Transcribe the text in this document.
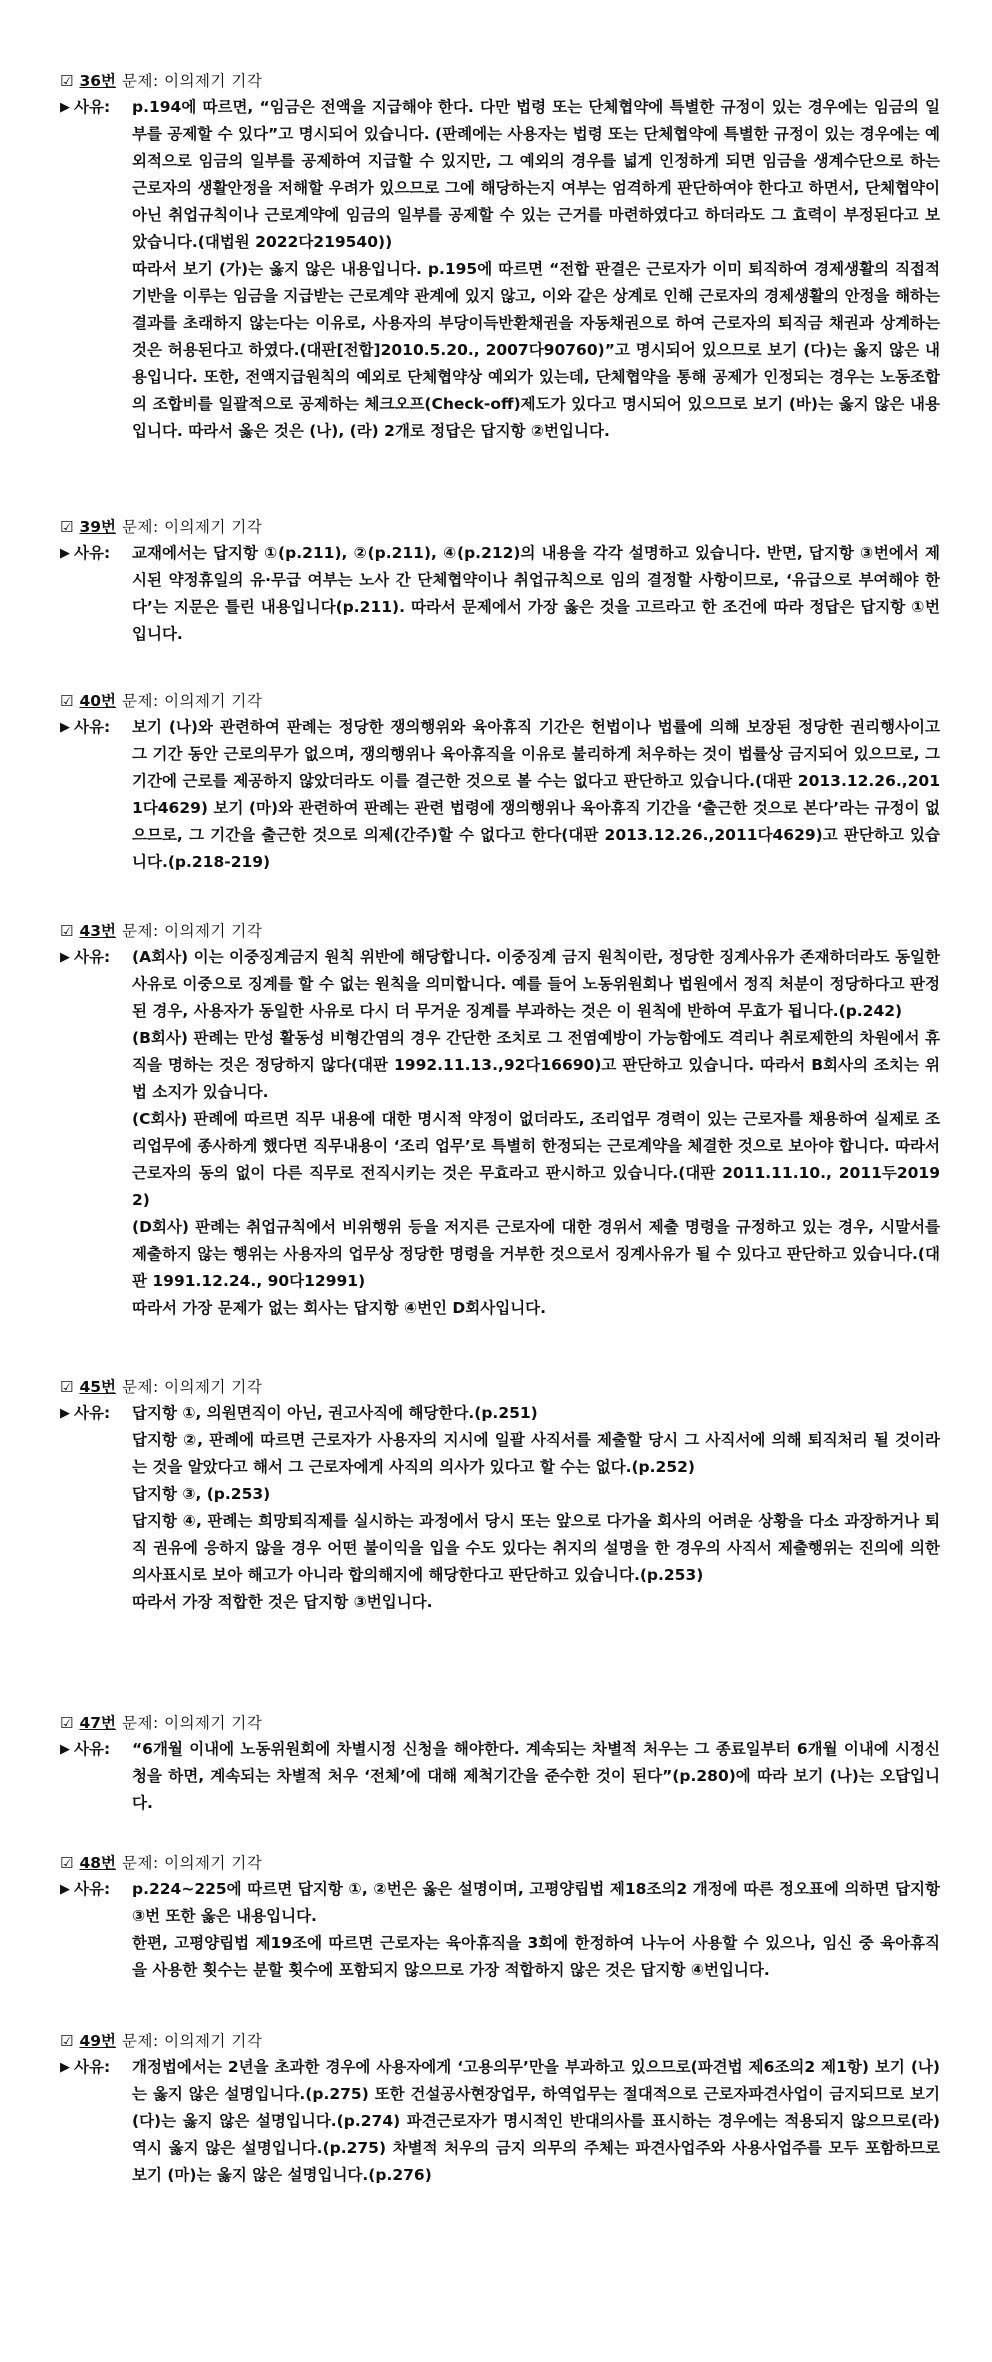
☑ 36번 문제: 이의제기 기각
▶ 사유:	p.194에 따르면, “임금은 전액을 지급해야 한다. 다만 법령 또는 단체협약에 특별한 규정이 있는 경우에는 임금의 일부를 공제할 수 있다”고 명시되어 있습니다. (판례에는 사용자는 법령 또는 단체협약에 특별한 규정이 있는 경우에는 예외적으로 임금의 일부를 공제하여 지급할 수 있지만, 그 예외의 경우를 넓게 인정하게 되면 임금을 생계수단으로 하는 근로자의 생활안정을 저해할 우려가 있으므로 그에 해당하는지 여부는 엄격하게 판단하여야 한다고 하면서, 단체협약이 아닌 취업규칙이나 근로계약에 임금의 일부를 공제할 수 있는 근거를 마련하였다고 하더라도 그 효력이 부정된다고 보았습니다.(대법원 2022다219540))

따라서 보기 (가)는 옳지 않은 내용입니다. p.195에 따르면 “전합 판결은 근로자가 이미 퇴직하여 경제생활의 직접적 기반을 이루는 임금을 지급받는 근로계약 관계에 있지 않고, 이와 같은 상계로 인해 근로자의 경제생활의 안정을 해하는 결과를 초래하지 않는다는 이유로, 사용자의 부당이득반환채권을 자동채권으로 하여 근로자의 퇴직금 채권과 상계하는 것은 허용된다고 하였다.(대판[전합]2010.5.20., 2007다90760)”고 명시되어 있으므로 보기 (다)는 옳지 않은 내용입니다. 또한, 전액지급원칙의 예외로 단체협약상 예외가 있는데, 단체협약을 통해 공제가 인정되는 경우는 노동조합의 조합비를 일괄적으로 공제하는 체크오프(Check-off)제도가 있다고 명시되어 있으므로 보기 (바)는 옳지 않은 내용입니다. 따라서 옳은 것은 (나), (라) 2개로 정답은 답지항 ②번입니다.

☑ 39번 문제: 이의제기 기각
▶ 사유:	교재에서는 답지항 ①(p.211), ②(p.211), ④(p.212)의 내용을 각각 설명하고 있습니다. 반면, 답지항 ③번에서 제시된 약정휴일의 유·무급 여부는 노사 간 단체협약이나 취업규칙으로 임의 결정할 사항이므로, ‘유급으로 부여해야 한다’는 지문은 틀린 내용입니다(p.211). 따라서 문제에서 가장 옳은 것을 고르라고 한 조건에 따라 정답은 답지항 ①번입니다.

☑ 40번 문제: 이의제기 기각
▶ 사유:	보기 (나)와 관련하여 판례는 정당한 쟁의행위와 육아휴직 기간은 헌법이나 법률에 의해 보장된 정당한 권리행사이고 그 기간 동안 근로의무가 없으며, 쟁의행위나 육아휴직을 이유로 불리하게 처우하는 것이 법률상 금지되어 있으므로, 그 기간에 근로를 제공하지 않았더라도 이를 결근한 것으로 볼 수는 없다고 판단하고 있습니다.(대판 2013.12.26.,2011다4629) 보기 (마)와 관련하여 판례는 관련 법령에 쟁의행위나 육아휴직 기간을 ‘출근한 것으로 본다’라는 규정이 없으므로, 그 기간을 출근한 것으로 의제(간주)할 수 없다고 한다(대판 2013.12.26.,2011다4629)고 판단하고 있습니다.(p.218-219)

☑ 43번 문제: 이의제기 기각
▶ 사유:	(A회사) 이는 이중징계금지 원칙 위반에 해당합니다. 이중징계 금지 원칙이란, 정당한 징계사유가 존재하더라도 동일한 사유로 이중으로 징계를 할 수 없는 원칙을 의미합니다. 예를 들어 노동위원회나 법원에서 정직 처분이 정당하다고 판정된 경우, 사용자가 동일한 사유로 다시 더 무거운 징계를 부과하는 것은 이 원칙에 반하여 무효가 됩니다.(p.242)

(B회사) 판례는 만성 활동성 비형간염의 경우 간단한 조치로 그 전염예방이 가능함에도 격리나 취로제한의 차원에서 휴직을 명하는 것은 정당하지 않다(대판 1992.11.13.,92다16690)고 판단하고 있습니다. 따라서 B회사의 조치는 위법 소지가 있습니다.

(C회사) 판례에 따르면 직무 내용에 대한 명시적 약정이 없더라도, 조리업무 경력이 있는 근로자를 채용하여 실제로 조리업무에 종사하게 했다면 직무내용이 ‘조리 업무’로 특별히 한정되는 근로계약을 체결한 것으로 보아야 합니다. 따라서 근로자의 동의 없이 다른 직무로 전직시키는 것은 무효라고 판시하고 있습니다.(대판 2011.11.10., 2011두20192)

(D회사) 판례는 취업규칙에서 비위행위 등을 저지른 근로자에 대한 경위서 제출 명령을 규정하고 있는 경우, 시말서를 제출하지 않는 행위는 사용자의 업무상 정당한 명령을 거부한 것으로서 징계사유가 될 수 있다고 판단하고 있습니다.(대판 1991.12.24., 90다12991)

따라서 가장 문제가 없는 회사는 답지항 ④번인 D회사입니다.

☑ 45번 문제: 이의제기 기각
▶ 사유:	답지항 ①, 의원면직이 아닌, 권고사직에 해당한다.(p.251)

답지항 ②, 판례에 따르면 근로자가 사용자의 지시에 일괄 사직서를 제출할 당시 그 사직서에 의해 퇴직처리 될 것이라는 것을 알았다고 해서 그 근로자에게 사직의 의사가 있다고 할 수는 없다.(p.252)

답지항 ③, (p.253)

답지항 ④, 판례는 희망퇴직제를 실시하는 과정에서 당시 또는 앞으로 다가올 회사의 어려운 상황을 다소 과장하거나 퇴직 권유에 응하지 않을 경우 어떤 불이익을 입을 수도 있다는 취지의 설명을 한 경우의 사직서 제출행위는 진의에 의한 의사표시로 보아 해고가 아니라 합의해지에 해당한다고 판단하고 있습니다.(p.253)

따라서 가장 적합한 것은 답지항 ③번입니다.

☑ 47번 문제: 이의제기 기각
▶ 사유:	“6개월 이내에 노동위원회에 차별시정 신청을 해야한다. 계속되는 차별적 처우는 그 종료일부터 6개월 이내에 시정신청을 하면, 계속되는 차별적 처우 ‘전체’에 대해 제척기간을 준수한 것이 된다”(p.280)에 따라 보기 (나)는 오답입니다.

☑ 48번 문제: 이의제기 기각
▶ 사유:	p.224~225에 따르면 답지항 ①, ②번은 옳은 설명이며, 고평양립법 제18조의2 개정에 따른 정오표에 의하면 답지항 ③번 또한 옳은 내용입니다.

한편, 고평양립법 제19조에 따르면 근로자는 육아휴직을 3회에 한정하여 나누어 사용할 수 있으나, 임신 중 육아휴직을 사용한 횟수는 분할 횟수에 포함되지 않으므로 가장 적합하지 않은 것은 답지항 ④번입니다.

☑ 49번 문제: 이의제기 기각
▶ 사유:	개정법에서는 2년을 초과한 경우에 사용자에게 ‘고용의무’만을 부과하고 있으므로(파견법 제6조의2 제1항) 보기 (나)는 옳지 않은 설명입니다.(p.275) 또한 건설공사현장업무, 하역업무는 절대적으로 근로자파견사업이 금지되므로 보기 (다)는 옳지 않은 설명입니다.(p.274) 파견근로자가 명시적인 반대의사를 표시하는 경우에는 적용되지 않으므로(라) 역시 옳지 않은 설명입니다.(p.275) 차별적 처우의 금지 의무의 주체는 파견사업주와 사용사업주를 모두 포함하므로 보기 (마)는 옳지 않은 설명입니다.(p.276)
